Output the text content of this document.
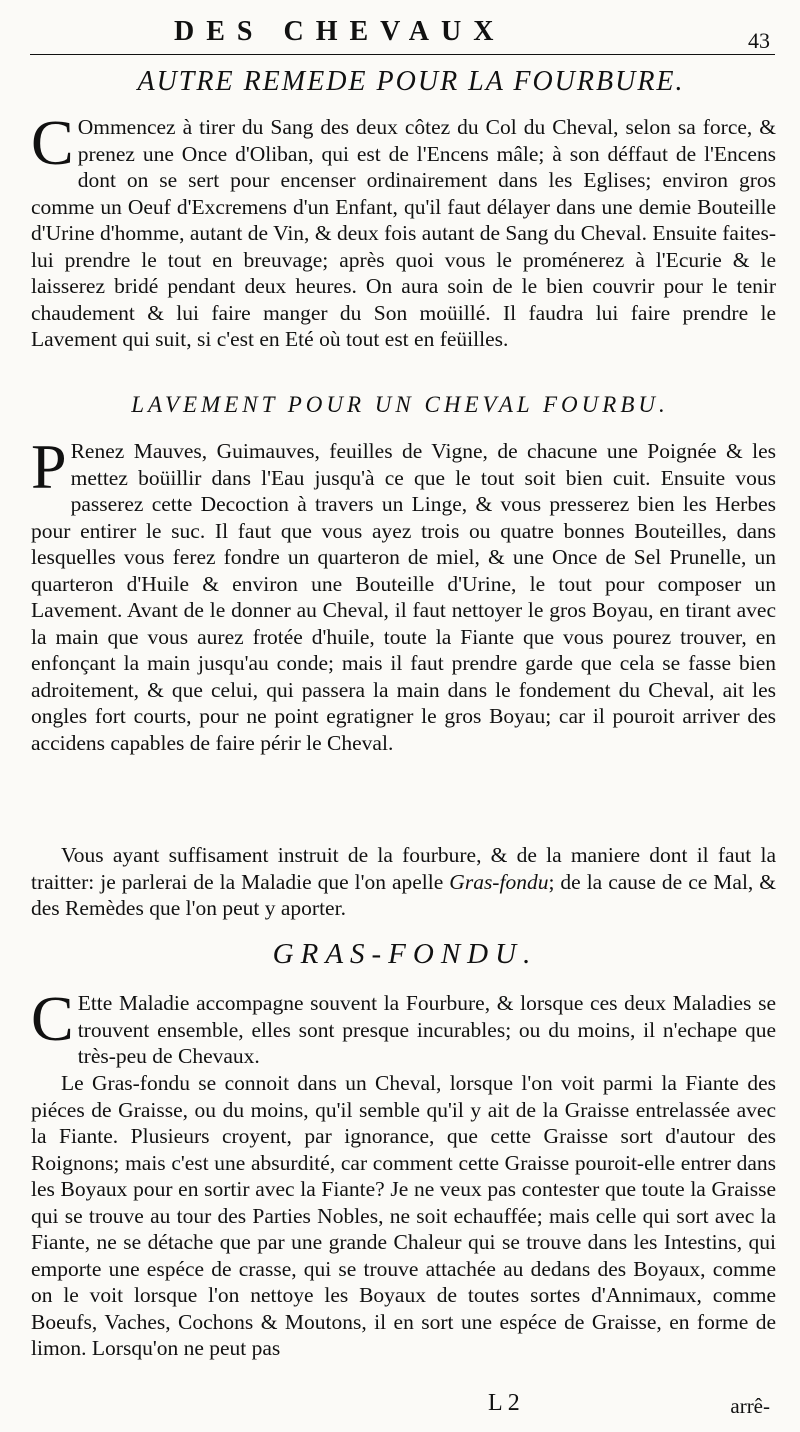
DES CHEVAUX	43
AUTRE REMEDE POUR LA FOURBURE.
C Ommencez à tirer du Sang des deux côtez du Col du Cheval, selon sa force, & prenez une Once d'Oliban, qui est de l'Encens mâle; à son déffaut de l'Encens dont on se sert pour encenser ordinairement dans les Eglises; environ gros comme un Oeuf d'Excremens d'un Enfant, qu'il faut délayer dans une demie Bouteille d'Urine d'homme, autant de Vin, & deux fois autant de Sang du Cheval. Ensuite faites-lui prendre le tout en breuvage; après quoi vous le proménerez à l'Ecurie & le laisserez bridé pendant deux heures. On aura soin de le bien couvrir pour le tenir chaudement & lui faire manger du Son moüillé. Il faudra lui faire prendre le Lavement qui suit, si c'est en Eté où tout est en feüilles.
LAVEMENT POUR UN CHEVAL FOURBU.
P Renez Mauves, Guimauves, feuilles de Vigne, de chacune une Poignée & les mettez boüillir dans l'Eau jusqu'à ce que le tout soit bien cuit. Ensuite vous passerez cette Decoction à travers un Linge, & vous presserez bien les Herbes pour entirer le suc. Il faut que vous ayez trois ou quatre bonnes Bouteilles, dans lesquelles vous ferez fondre un quarteron de miel, & une Once de Sel Prunelle, un quarteron d'Huile & environ une Bouteille d'Urine, le tout pour composer un Lavement. Avant de le donner au Cheval, il faut nettoyer le gros Boyau, en tirant avec la main que vous aurez frotée d'huile, toute la Fiante que vous pourez trouver, en enfonçant la main jusqu'au conde; mais il faut prendre garde que cela se fasse bien adroitement, & que celui, qui passera la main dans le fondement du Cheval, ait les ongles fort courts, pour ne point egratigner le gros Boyau; car il pouroit arriver des accidens capables de faire périr le Cheval.
Vous ayant suffisament instruit de la fourbure, & de la maniere dont il faut la traitter: je parlerai de la Maladie que l'on apelle Gras-fondu; de la cause de ce Mal, & des Remèdes que l'on peut y aporter.
GRAS-FONDU.
C Ette Maladie accompagne souvent la Fourbure, & lorsque ces deux Maladies se trouvent ensemble, elles sont presque incurables; ou du moins, il n'echape que très-peu de Chevaux.
Le Gras-fondu se connoit dans un Cheval, lorsque l'on voit parmi la Fiante des piéces de Graisse, ou du moins, qu'il semble qu'il y ait de la Graisse entrelassée avec la Fiante. Plusieurs croyent, par ignorance, que cette Graisse sort d'autour des Roignons; mais c'est une absurdité, car comment cette Graisse pouroit-elle entrer dans les Boyaux pour en sortir avec la Fiante? Je ne veux pas contester que toute la Graisse qui se trouve au tour des Parties Nobles, ne soit echauffée; mais celle qui sort avec la Fiante, ne se détache que par une grande Chaleur qui se trouve dans les Intestins, qui emporte une espéce de crasse, qui se trouve attachée au dedans des Boyaux, comme on le voit lorsque l'on nettoye les Boyaux de toutes sortes d'Annimaux, comme Boeufs, Vaches, Cochons & Moutons, il en sort une espéce de Graisse, en forme de limon. Lorsqu'on ne peut pas
L 2	arrê-
